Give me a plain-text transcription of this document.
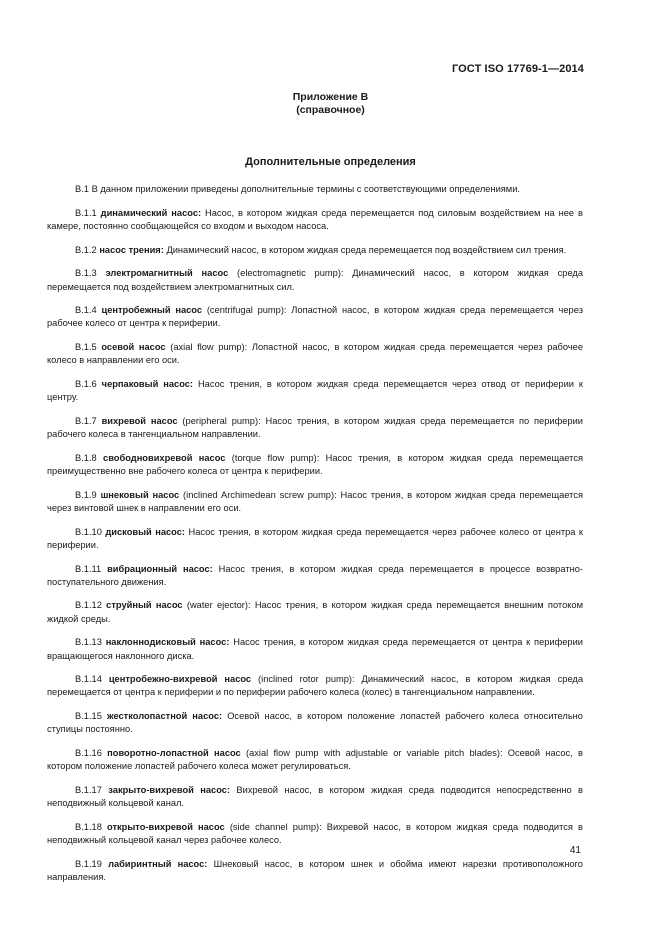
ГОСТ ISO 17769-1—2014
Приложение В
(справочное)
Дополнительные определения

В.1 В данном приложении приведены дополнительные термины с соответствующими определениями.

В.1.1 динамический насос: Насос, в котором жидкая среда перемещается под силовым воздействием на нее в камере, постоянно сообщающейся со входом и выходом насоса.

В.1.2 насос трения: Динамический насос, в котором жидкая среда перемещается под воздействием сил трения.

В.1.3 электромагнитный насос (electromagnetic pump): Динамический насос, в котором жидкая среда перемещается под воздействием электромагнитных сил.

В.1.4 центробежный насос (centrifugal pump): Лопастной насос, в котором жидкая среда перемещается через рабочее колесо от центра к периферии.

В.1.5 осевой насос (axial flow pump): Лопастной насос, в котором жидкая среда перемещается через рабочее колесо в направлении его оси.

В.1.6 черпаковый насос: Насос трения, в котором жидкая среда перемещается через отвод от периферии к центру.

В.1.7 вихревой насос (peripheral pump): Насос трения, в котором жидкая среда перемещается по периферии рабочего колеса в тангенциальном направлении.

В.1.8 свободновихревой насос (torque flow pump): Насос трения, в котором жидкая среда перемещается преимущественно вне рабочего колеса от центра к периферии.

В.1.9 шнековый насос (inclined Archimedean screw pump): Насос трения, в котором жидкая среда перемещается через винтовой шнек в направлении его оси.

В.1.10 дисковый насос: Насос трения, в котором жидкая среда перемещается через рабочее колесо от центра к периферии.

В.1.11 вибрационный насос: Насос трения, в котором жидкая среда перемещается в процессе возвратно-поступательного движения.

В.1.12 струйный насос (water ejector): Насос трения, в котором жидкая среда перемещается внешним потоком жидкой среды.

В.1.13 наклоннодисковый насос: Насос трения, в котором жидкая среда перемещается от центра к периферии вращающегося наклонного диска.

В.1.14 центробежно-вихревой насос (inclined rotor pump): Динамический насос, в котором жидкая среда перемещается от центра к периферии и по периферии рабочего колеса (колес) в тангенциальном направлении.

В.1.15 жестколопастной насос: Осевой насос, в котором положение лопастей рабочего колеса относительно ступицы постоянно.

В.1.16 поворотно-лопастной насос (axial flow pump with adjustable or variable pitch blades): Осевой насос, в котором положение лопастей рабочего колеса может регулироваться.

В.1.17 закрыто-вихревой насос: Вихревой насос, в котором жидкая среда подводится непосредственно в неподвижный кольцевой канал.

В.1.18 открыто-вихревой насос (side channel pump): Вихревой насос, в котором жидкая среда подводится в неподвижный кольцевой канал через рабочее колесо.

В.1.19 лабиринтный насос: Шнековый насос, в котором шнек и обойма имеют нарезки противоположного направления.

41
